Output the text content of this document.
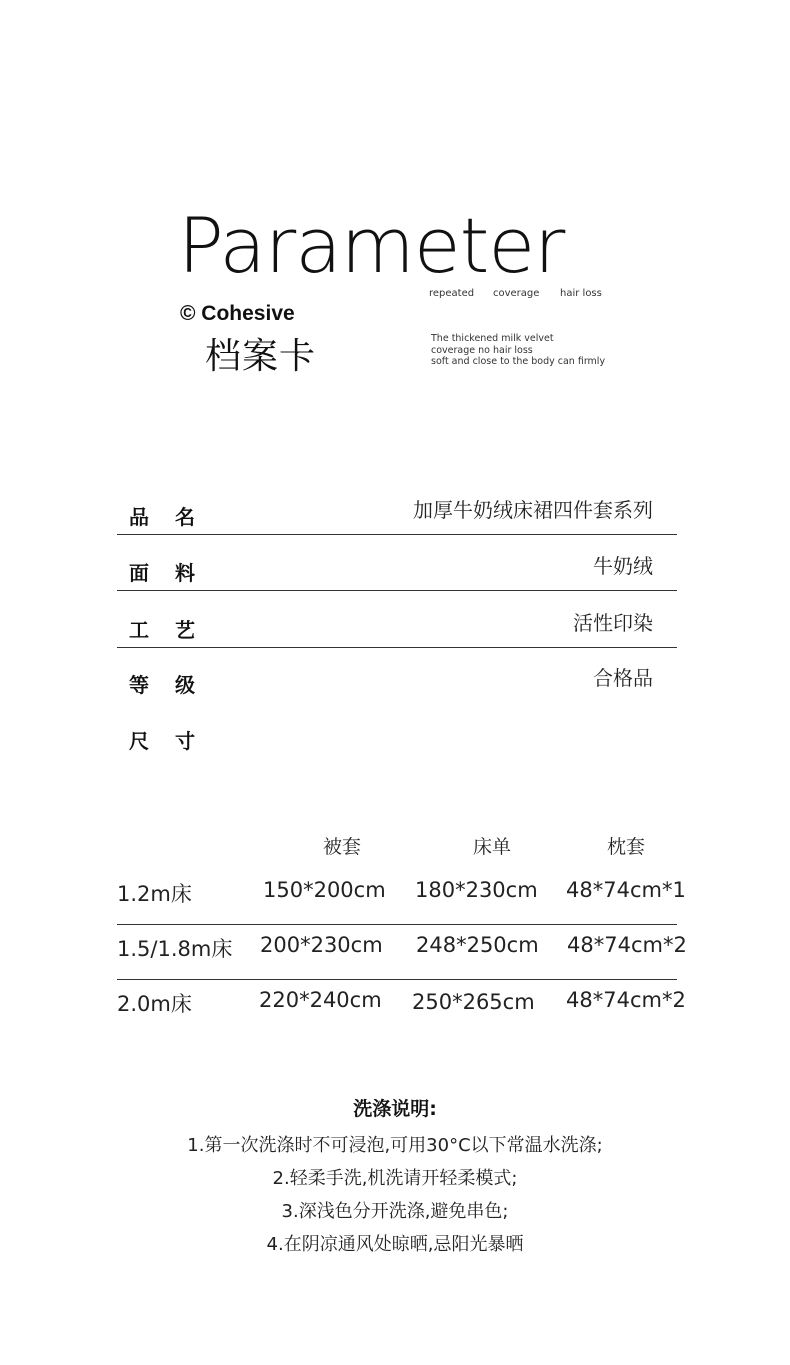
Parameter
repeated coverage hair loss
© Cohesive
档案卡	The thickened milk velvet
coverage no hair loss
soft and close to the body can firmly
品名	加厚牛奶绒床裙四件套系列
面料	牛奶绒
工艺	活性印染
等级	合格品
尺寸
被套	床单	枕套
1.2m床	150*200cm 180*230cm 48*74cm*1
1.5/1.8m床 200*230cm 248*250cm 48*74cm*2
2.0m床	220*240cm 250*265cm 48*74cm*2
洗涤说明:
1.第一次洗涤时不可浸泡,可用30°C以下常温水洗涤;
2.轻柔手洗,机洗请开轻柔模式;
3.深浅色分开洗涤,避免串色;
4.在阴凉通风处晾晒,忌阳光暴晒
